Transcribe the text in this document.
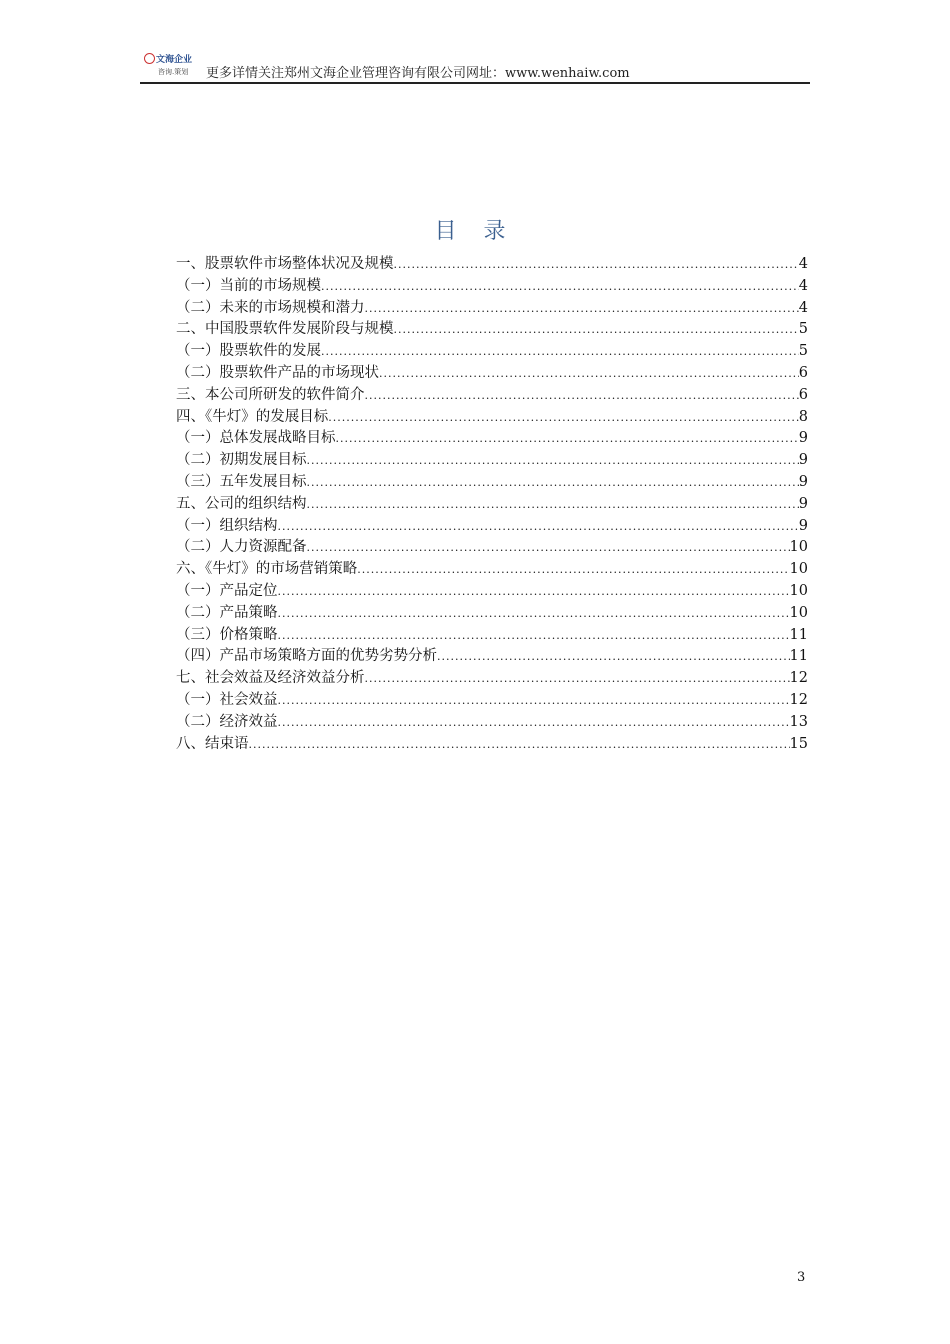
文海企业
咨询.策划	更多详情关注郑州文海企业管理咨询有限公司网址：www.wenhaiw.com
目 录
一、股票软件市场整体状况及规模 .....	4
（一）当前的市场规模 .....	4
（二）未来的市场规模和潜力 .....	4
二、中国股票软件发展阶段与规模 .....	5
（一）股票软件的发展 .....	5
（二）股票软件产品的市场现状 .....	6
三、本公司所研发的软件简介 .....	6
四、《牛灯》的发展目标 .....	8
（一）总体发展战略目标 .....	9
（二）初期发展目标 .....	9
（三）五年发展目标 .....	9
五、公司的组织结构 .....	9
（一）组织结构 .....	9
（二）人力资源配备 .....	10
六、《牛灯》的市场营销策略 .....	10
（一）产品定位 .....	10
（二）产品策略 .....	10
（三）价格策略 .....	11
（四）产品市场策略方面的优势劣势分析 .....	11
七、社会效益及经济效益分析 .....	12
（一）社会效益 .....	12
（二）经济效益 .....	13
八、结束语 .....	15
3
